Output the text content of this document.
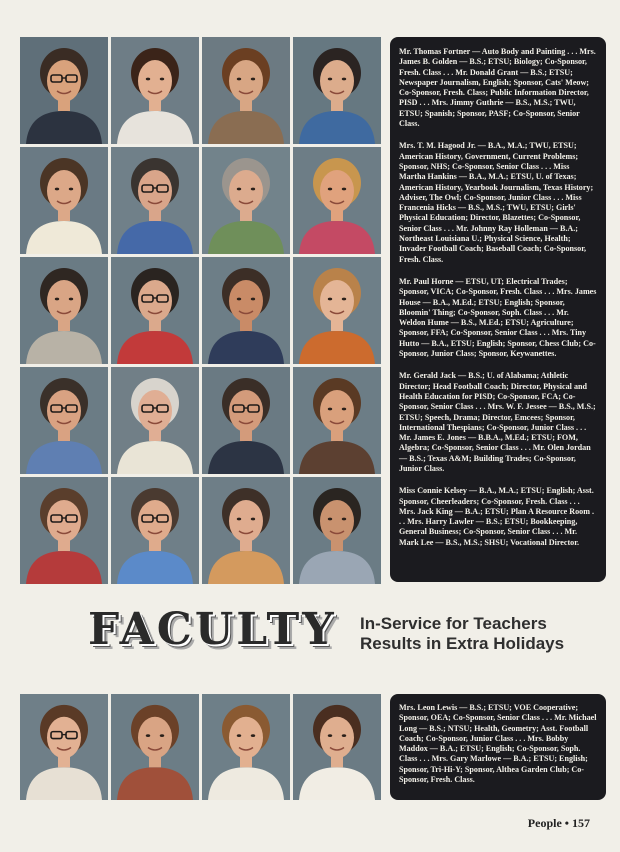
Mr. Thomas Fortner — Auto Body and Painting . . . Mrs. James B. Golden — B.S.; ETSU; Biology; Co-Sponsor, Fresh. Class . . . Mr. Donald Grant — B.S.; ETSU; Newspaper Journalism, English; Sponsor, Cats' Meow; Co-Sponsor, Fresh. Class; Public Information Director, PISD . . . Mrs. Jimmy Guthrie — B.S., M.S.; TWU, ETSU; Spanish; Sponsor, PASF; Co-Sponsor, Senior Class.

Mrs. T. M. Hagood Jr. — B.A., M.A.; TWU, ETSU; American History, Government, Current Problems; Sponsor, NHS; Co-Sponsor, Senior Class . . . Miss Martha Hankins — B.A., M.A.; ETSU, U. of Texas; American History, Yearbook Journalism, Texas History; Adviser, The Owl; Co-Sponsor, Junior Class . . . Miss Francenia Hicks — B.S., M.S.; TWU, ETSU; Girls' Physical Education; Director, Blazettes; Co-Sponsor, Senior Class . . . Mr. Johnny Ray Holleman — B.A.; Northeast Louisiana U.; Physical Science, Health; Invader Football Coach; Baseball Coach; Co-Sponsor, Fresh. Class.

Mr. Paul Horne — ETSU, UT; Electrical Trades; Sponsor, VICA; Co-Sponsor, Fresh. Class . . . Mrs. James House — B.A., M.Ed.; ETSU; English; Sponsor, Bloomin' Thing; Co-Sponsor, Soph. Class . . . Mr. Weldon Hume — B.S., M.Ed.; ETSU; Agriculture; Sponsor, FFA; Co-Sponsor, Senior Class . . . Mrs. Tiny Hutto — B.A., ETSU; English; Sponsor, Chess Club; Co-Sponsor, Junior Class; Sponsor, Keywanettes.

Mr. Gerald Jack — B.S.; U. of Alabama; Athletic Director; Head Football Coach; Director, Physical and Health Education for PISD; Co-Sponsor, FCA; Co-Sponsor, Senior Class . . . Mrs. W. F. Jessee — B.S., M.S.; ETSU; Speech, Drama; Director, Emcees; Sponsor, International Thespians; Co-Sponsor, Junior Class . . . Mr. James E. Jones — B.B.A., M.Ed.; ETSU; FOM, Algebra; Co-Sponsor, Senior Class . . . Mr. Olen Jordan — B.S.; Texas A&M; Building Trades; Co-Sponsor, Junior Class.

Miss Connie Kelsey — B.A., M.A.; ETSU; English; Asst. Sponsor, Cheerleaders; Co-Sponsor, Fresh. Class . . . Mrs. Jack King — B.A.; ETSU; Plan A Resource Room . . . Mrs. Harry Lawler — B.S.; ETSU; Bookkeeping, General Business; Co-Sponsor, Senior Class . . . Mr. Mark Lee — B.S., M.S.; SHSU; Vocational Director.

FACULTY In-Service for Teachers
Results in Extra Holidays

Mrs. Leon Lewis — B.S.; ETSU; VOE Cooperative; Sponsor, OEA; Co-Sponsor, Senior Class . . . Mr. Michael Long — B.S.; NTSU; Health, Geometry; Asst. Football Coach; Co-Sponsor, Junior Class . . . Mrs. Bobby Maddox — B.A.; ETSU; English; Co-Sponsor, Soph. Class . . . Mrs. Gary Marlowe — B.A.; ETSU; English; Sponsor, Tri-Hi-Y; Sponsor, Althea Garden Club; Co-Sponsor, Fresh. Class.

People • 157
